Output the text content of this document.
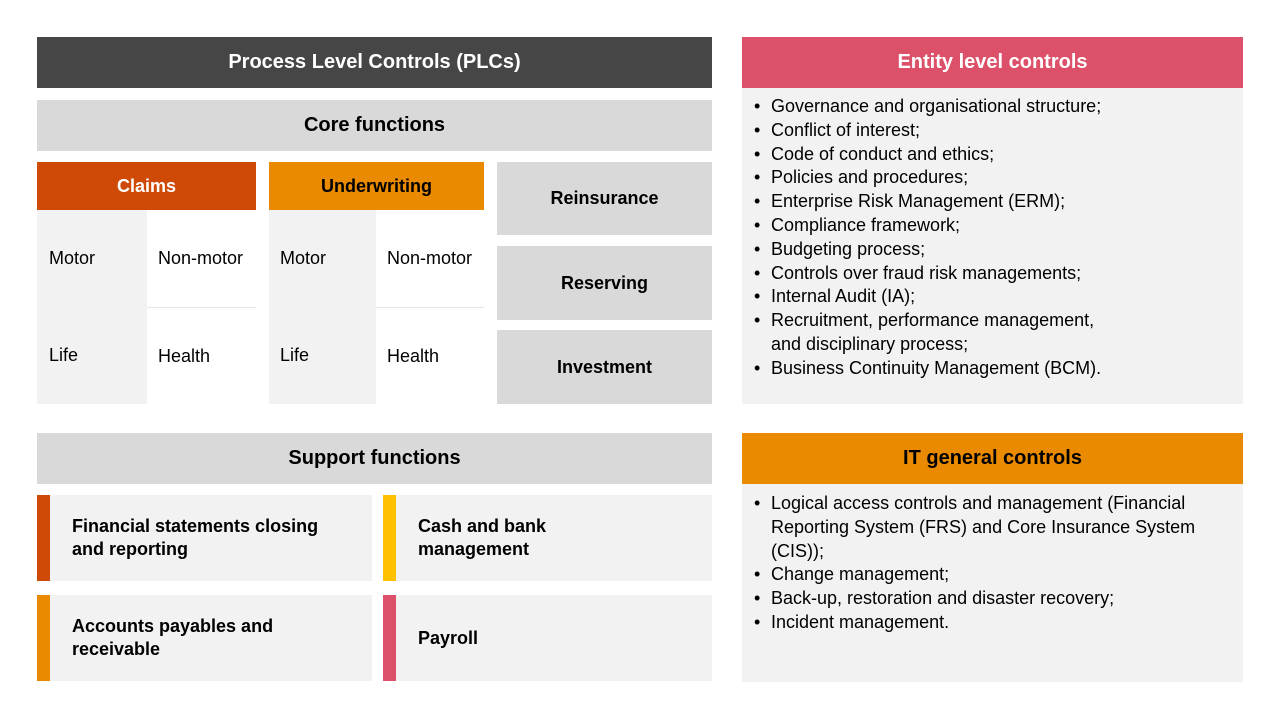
Process Level Controls (PLCs)	Entity level controls
Core functions
Claims
Motor	Non-motor
Life	Health
Underwriting
Motor	Non-motor
Life	Health
Reinsurance
Reserving
Investment
• Governance and organisational structure;
• Conflict of interest;
• Code of conduct and ethics;
• Policies and procedures;
• Enterprise Risk Management (ERM);
• Compliance framework;
• Budgeting process;
• Controls over fraud risk managements;
• Internal Audit (IA);
• Recruitment, performance management, and disciplinary process;
• Business Continuity Management (BCM).
Support functions
Financial statements closing and reporting
Cash and bank management
Accounts payables and receivable
Payroll
IT general controls
• Logical access controls and management (Financial Reporting System (FRS) and Core Insurance System (CIS));
• Change management;
• Back-up, restoration and disaster recovery;
• Incident management.
